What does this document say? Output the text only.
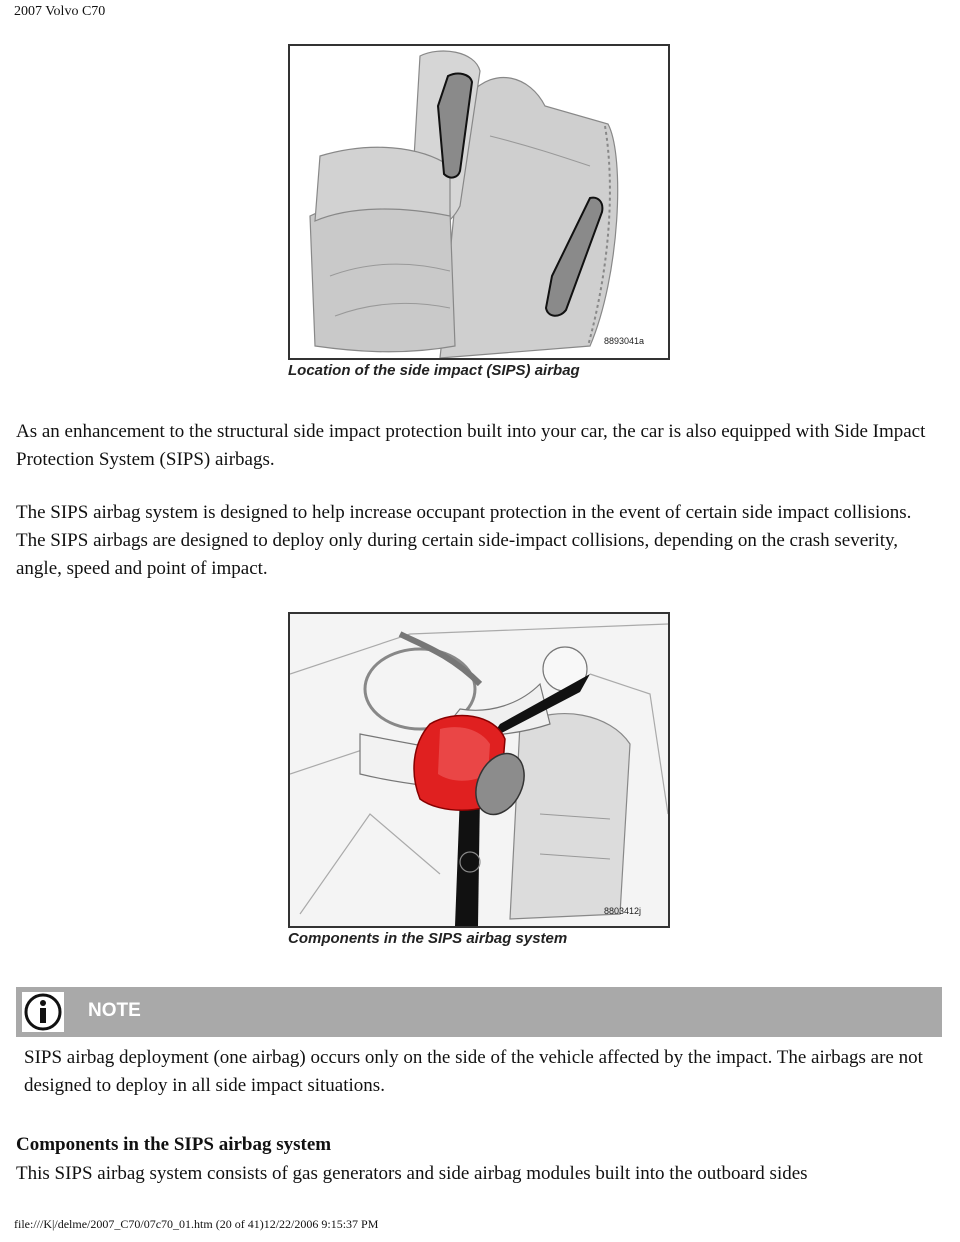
2007 Volvo C70
8893041a
Location of the side impact (SIPS) airbag

As an enhancement to the structural side impact protection built into your car, the car is also equipped with Side Impact Protection System (SIPS) airbags.

The SIPS airbag system is designed to help increase occupant protection in the event of certain side impact collisions. The SIPS airbags are designed to deploy only during certain side-impact collisions, depending on the crash severity, angle, speed and point of impact.

8803412j
Components in the SIPS airbag system
NOTE

SIPS airbag deployment (one airbag) occurs only on the side of the vehicle affected by the impact. The airbags are not designed to deploy in all side impact situations.

Components in the SIPS airbag system

This SIPS airbag system consists of gas generators and side airbag modules built into the outboard sides

file:///K|/delme/2007_C70/07c70_01.htm (20 of 41)12/22/2006 9:15:37 PM
